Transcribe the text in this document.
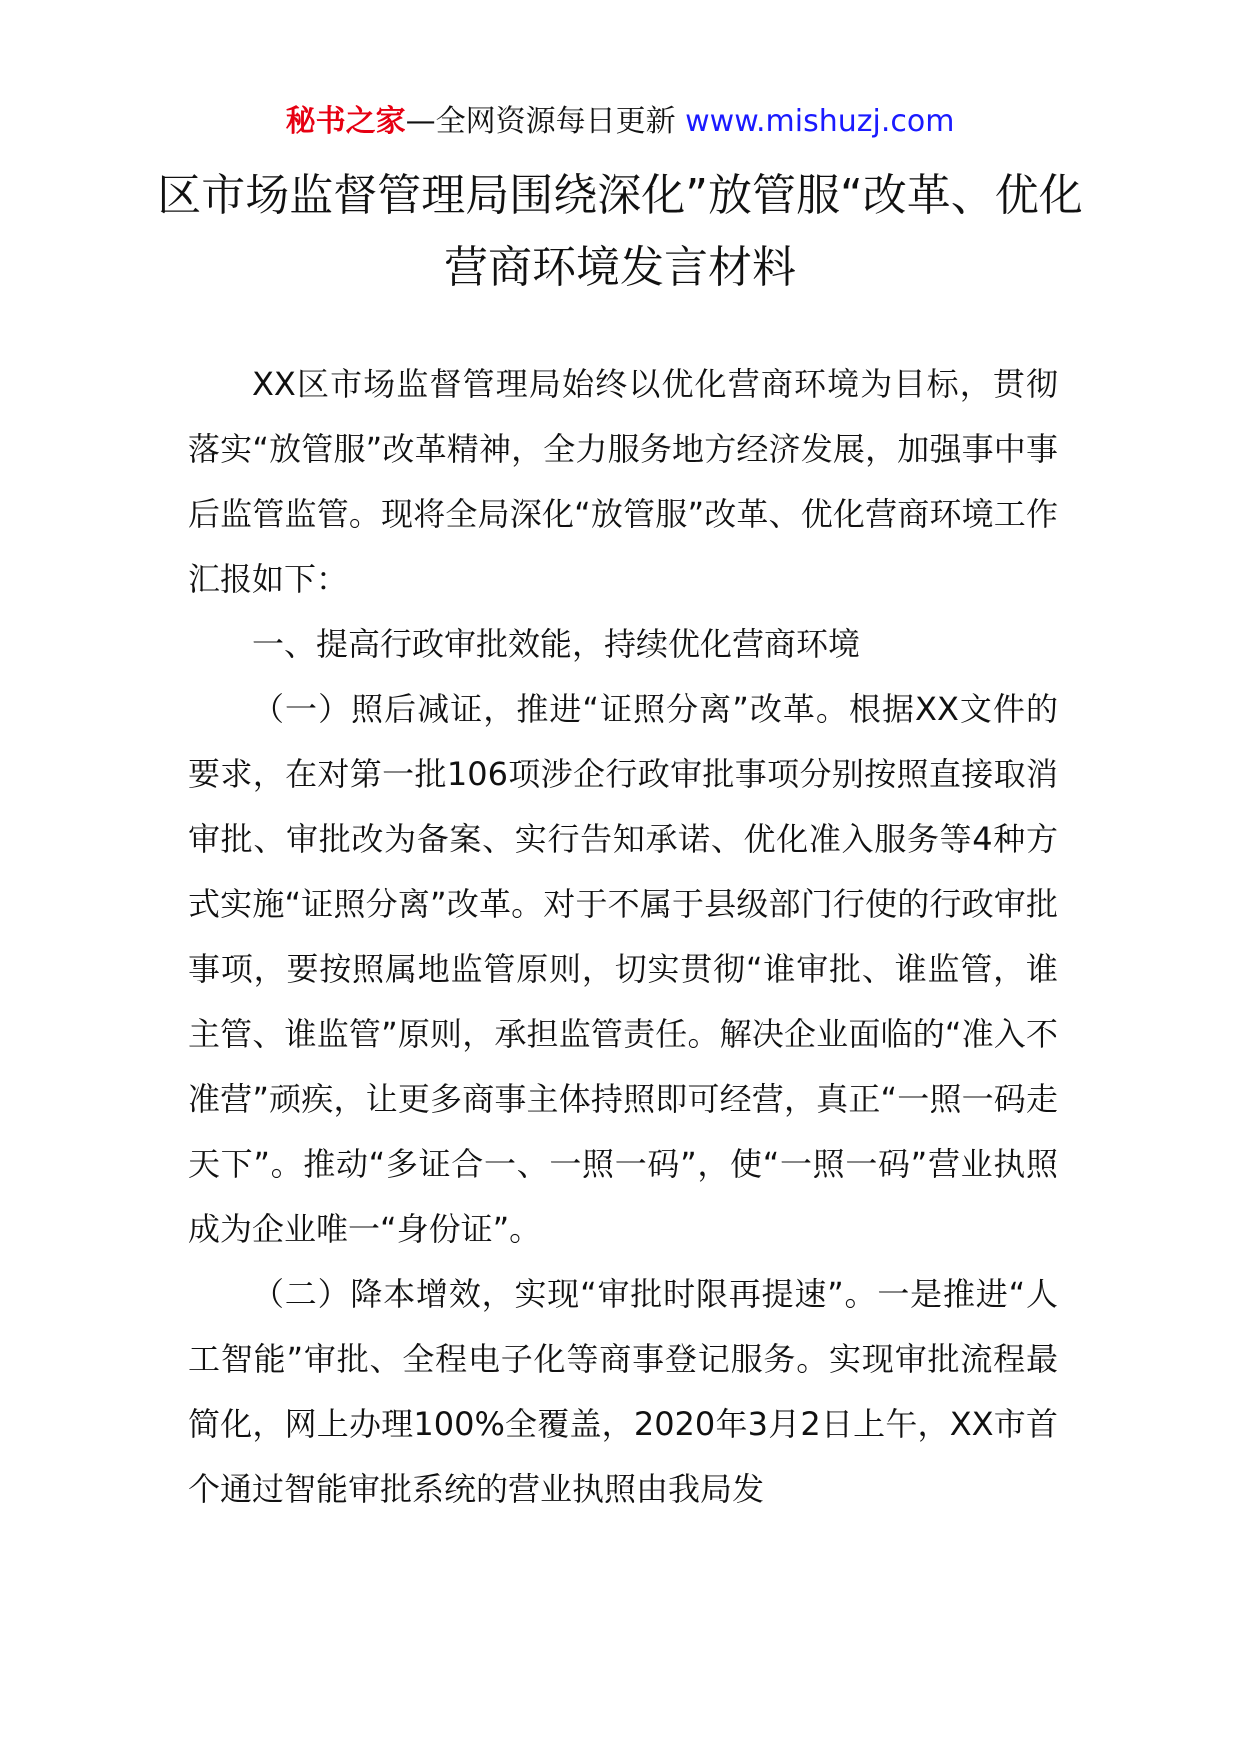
秘书之家—全网资源每日更新 www.mishuzj.com
区市场监督管理局围绕深化”放管服“改革、优化营商环境发言材料

XX区市场监督管理局始终以优化营商环境为目标，贯彻落实“放管服”改革精神，全力服务地方经济发展，加强事中事后监管监管。现将全局深化“放管服”改革、优化营商环境工作汇报如下：

一、提高行政审批效能，持续优化营商环境

（一）照后减证，推进“证照分离”改革。根据XX文件的要求，在对第一批106项涉企行政审批事项分别按照直接取消审批、审批改为备案、实行告知承诺、优化准入服务等4种方式实施“证照分离”改革。对于不属于县级部门行使的行政审批事项，要按照属地监管原则，切实贯彻“谁审批、谁监管，谁主管、谁监管”原则，承担监管责任。解决企业面临的“准入不准营”顽疾，让更多商事主体持照即可经营，真正“一照一码走天下”。推动“多证合一、一照一码”，使“一照一码”营业执照成为企业唯一“身份证”。

（二）降本增效，实现“审批时限再提速”。一是推进“人工智能”审批、全程电子化等商事登记服务。实现审批流程最简化，网上办理100%全覆盖，2020年3月2日上午，XX市首个通过智能审批系统的营业执照由我局发
